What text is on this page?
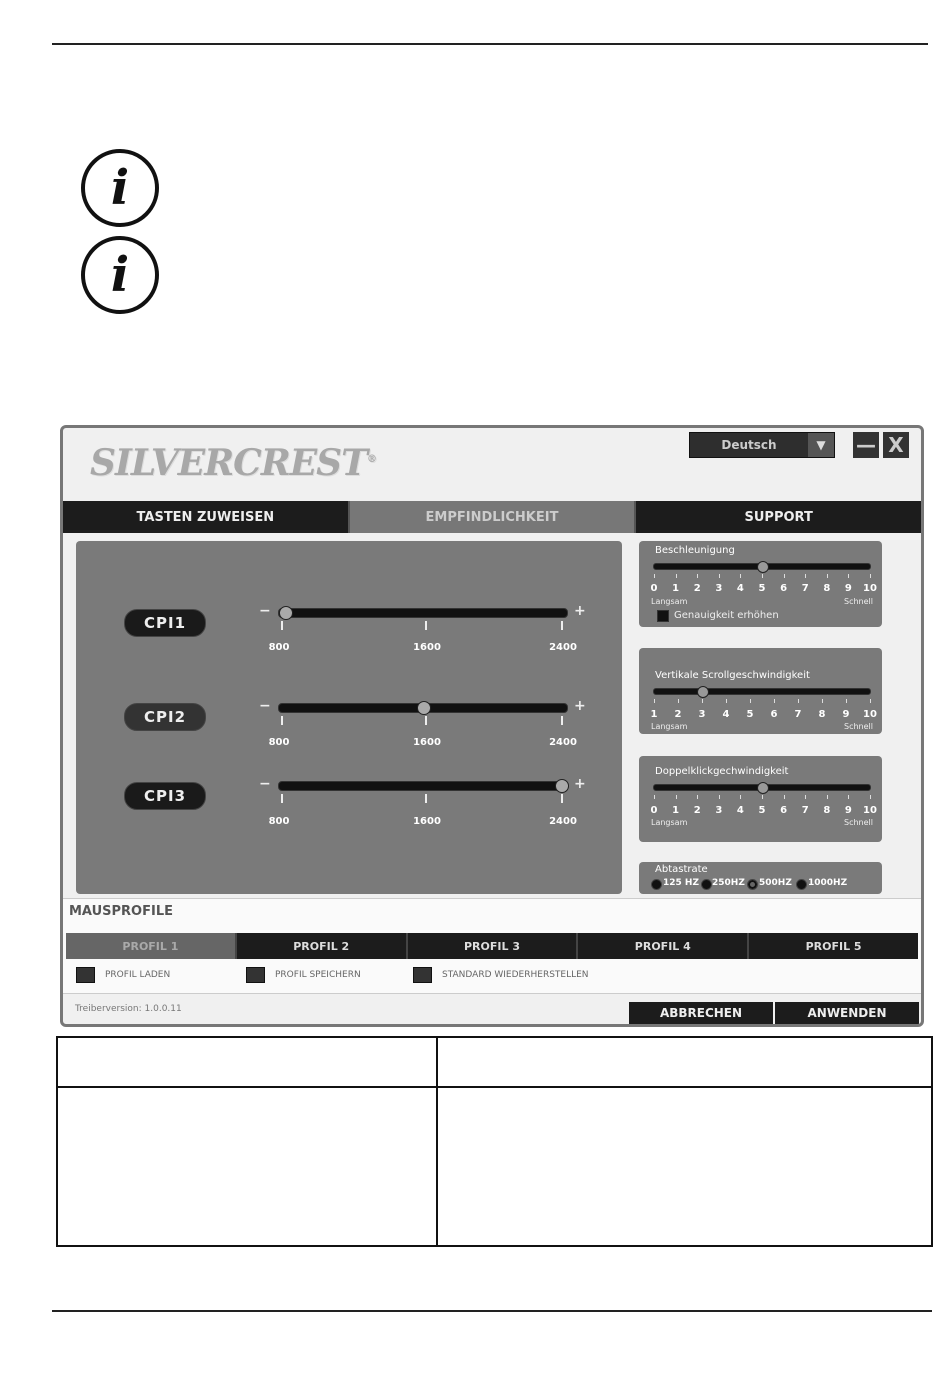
i
i
SILVERCREST®
Deutsch	▼	— X
TASTEN ZUWEISEN	EMPFINDLICHKEIT	SUPPORT
CPI1
−	+
800	1600	2400
CPI2
−	+
800	1600	2400
CPI3
−	+
800	1600	2400
Beschleunigung
0	1	2	3	4	5	6	7	8	9	10
Langsam	Schnell
Genauigkeit erhöhen
Vertikale Scrollgeschwindigkeit
1	2	3	4	5	6	7	8	9	10
Langsam	Schnell
Doppelklickgechwindigkeit
0	1	2	3	4	5	6	7	8	9	10
Langsam	Schnell
Abtastrate
125 HZ 250HZ 500HZ 1000HZ
MAUSPROFILE
PROFIL 1	PROFIL 2	PROFIL 3	PROFIL 4	PROFIL 5
PROFIL LADEN	PROFIL SPEICHERN	STANDARD WIEDERHERSTELLEN
Treiberversion: 1.0.0.11	ABBRECHEN	ANWENDEN
